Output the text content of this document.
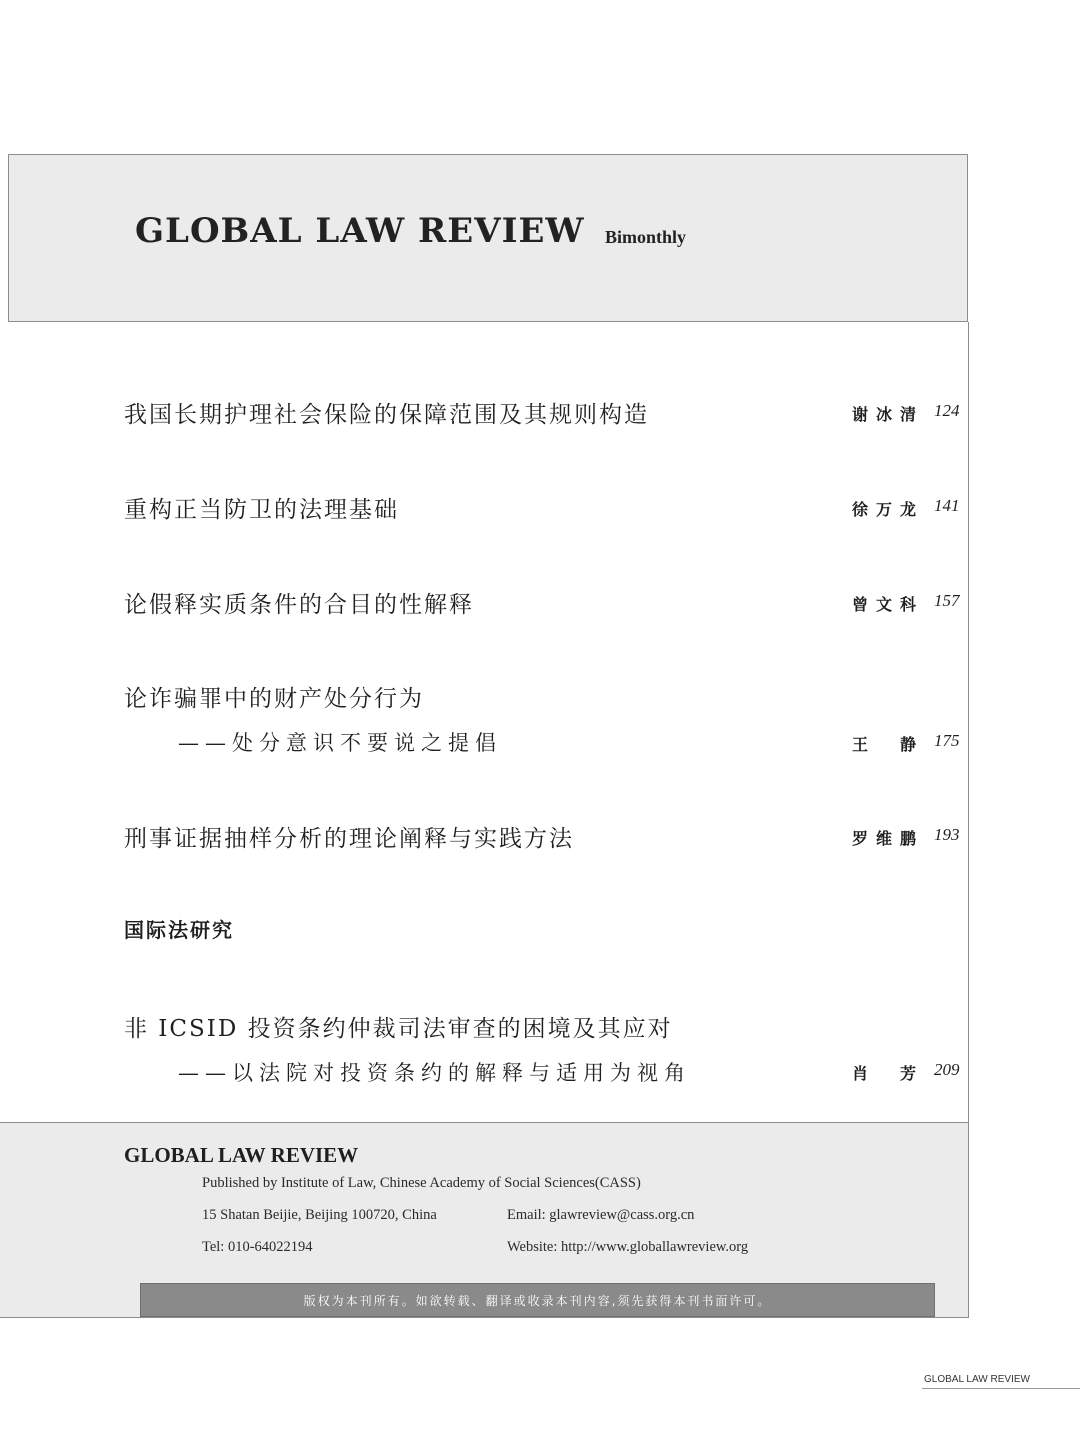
GLOBAL LAW REVIEW Bimonthly
我国长期护理社会保险的保障范围及其规则构造	谢冰清 124
重构正当防卫的法理基础	徐万龙 141
论假释实质条件的合目的性解释	曾文科 157
论诈骗罪中的财产处分行为
——处分意识不要说之提倡	王　静 175
刑事证据抽样分析的理论阐释与实践方法	罗维鹏 193
国际法研究
非 ICSID 投资条约仲裁司法审查的困境及其应对
——以法院对投资条约的解释与适用为视角	肖　芳 209
GLOBAL LAW REVIEW
Published by Institute of Law, Chinese Academy of Social Sciences(CASS)
15 Shatan Beijie, Beijing 100720, China	Email: glawreview@cass.org.cn
Tel: 010-64022194	Website: http://www.globallawreview.org
版权为本刊所有。如欲转载、翻译或收录本刊内容,须先获得本刊书面许可。
GLOBAL LAW REVIEW
